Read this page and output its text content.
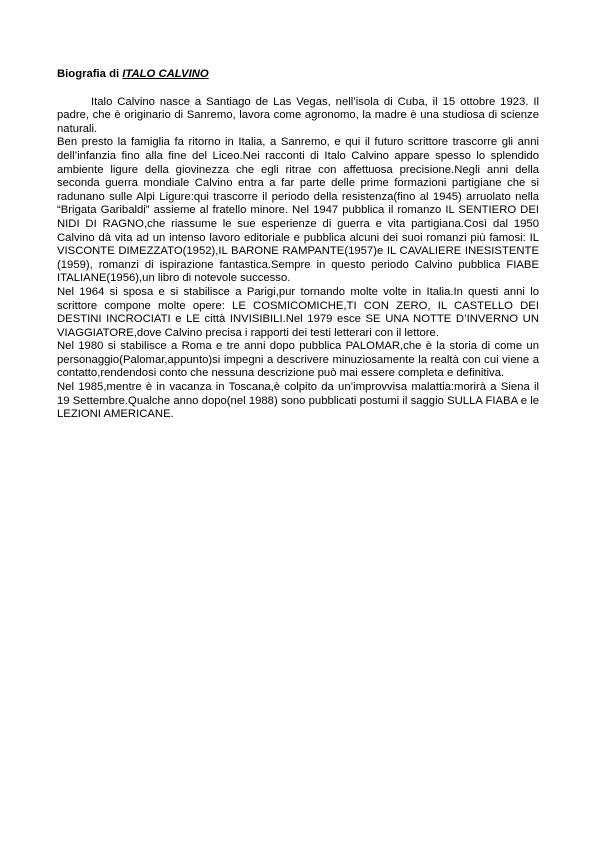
Biografia di ITALO CALVINO

Italo Calvino nasce a Santiago de Las Vegas, nell’isola di Cuba, il 15 ottobre 1923. Il padre, che è originario di Sanremo, lavora come agronomo, la madre è una studiosa di scienze naturali.

Ben presto la famiglia fa ritorno in Italia, a Sanremo, e qui il futuro scrittore trascorre gli anni dell’infanzia fino alla fine del Liceo.Nei racconti di Italo Calvino appare spesso lo splendido ambiente ligure della giovinezza che egli ritrae con affettuosa precisione.Negli anni della seconda guerra mondiale Calvino entra a far parte delle prime formazioni partigiane che si radunano sulle Alpi Ligure:qui trascorre il periodo della resistenza(fino al 1945) arruolato nella “Brigata Garibaldi” assieme al fratello minore. Nel 1947 pubblica il romanzo IL SENTIERO DEI NIDI DI RAGNO,che riassume le sue esperienze di guerra e vita partigiana.Così dal 1950 Calvino dà vita ad un intenso lavoro editoriale e pubblica alcuni dei suoi romanzi più famosi: IL VISCONTE DIMEZZATO(1952),IL BARONE RAMPANTE(1957)e IL CAVALIERE INESISTENTE (1959), romanzi di ispirazione fantastica.Sempre in questo periodo Calvino pubblica FIABE ITALIANE(1956),un libro di notevole successo.

Nel 1964 si sposa e si stabilisce a Parigi,pur tornando molte volte in Italia.In questi anni lo scrittore compone molte opere: LE COSMICOMICHE,TI CON ZERO, IL CASTELLO DEI DESTINI INCROCIATI e LE città INVISIBILI.Nel 1979 esce SE UNA NOTTE D’INVERNO UN VIAGGIATORE,dove Calvino precisa i rapporti dei testi letterari con il lettore.

Nel 1980 si stabilisce a Roma e tre anni dopo pubblica PALOMAR,che è la storia di come un personaggio(Palomar,appunto)si impegni a descrivere minuziosamente la realtà con cui viene a contatto,rendendosi conto che nessuna descrizione può mai essere completa e definitiva.

Nel 1985,mentre è in vacanza in Toscana,è colpito da un’improvvisa malattia:morirà a Siena il 19 Settembre.Qualche anno dopo(nel 1988) sono pubblicati postumi il saggio SULLA FIABA e le LEZIONI AMERICANE.
